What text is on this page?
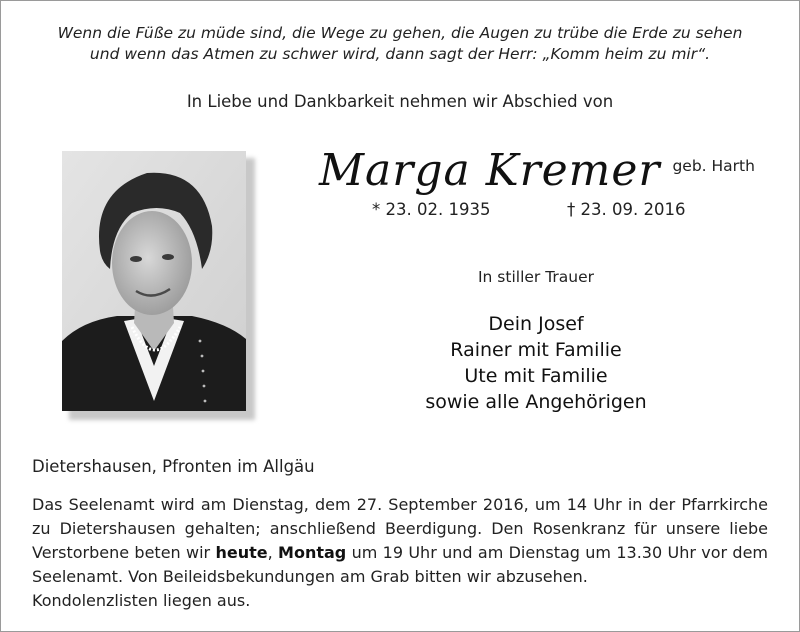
Wenn die Füße zu müde sind, die Wege zu gehen, die Augen zu trübe die Erde zu sehen
und wenn das Atmen zu schwer wird, dann sagt der Herr: „Komm heim zu mir“.
In Liebe und Dankbarkeit nehmen wir Abschied von
Marga Kremer geb. Harth
* 23. 02. 1935	† 23. 09. 2016
In stiller Trauer
Dein Josef
Rainer mit Familie
Ute mit Familie
sowie alle Angehörigen
Dietershausen, Pfronten im Allgäu
Das Seelenamt wird am Dienstag, dem 27. September 2016, um 14 Uhr in der Pfarrkirche zu Dietershausen gehalten; anschließend Beerdigung. Den Rosenkranz für unsere liebe Verstorbene beten wir heute, Montag um 19 Uhr und am Dienstag um 13.30 Uhr vor dem Seelenamt. Von Beileidsbekundungen am Grab bitten wir abzusehen.
Kondolenzlisten liegen aus.
